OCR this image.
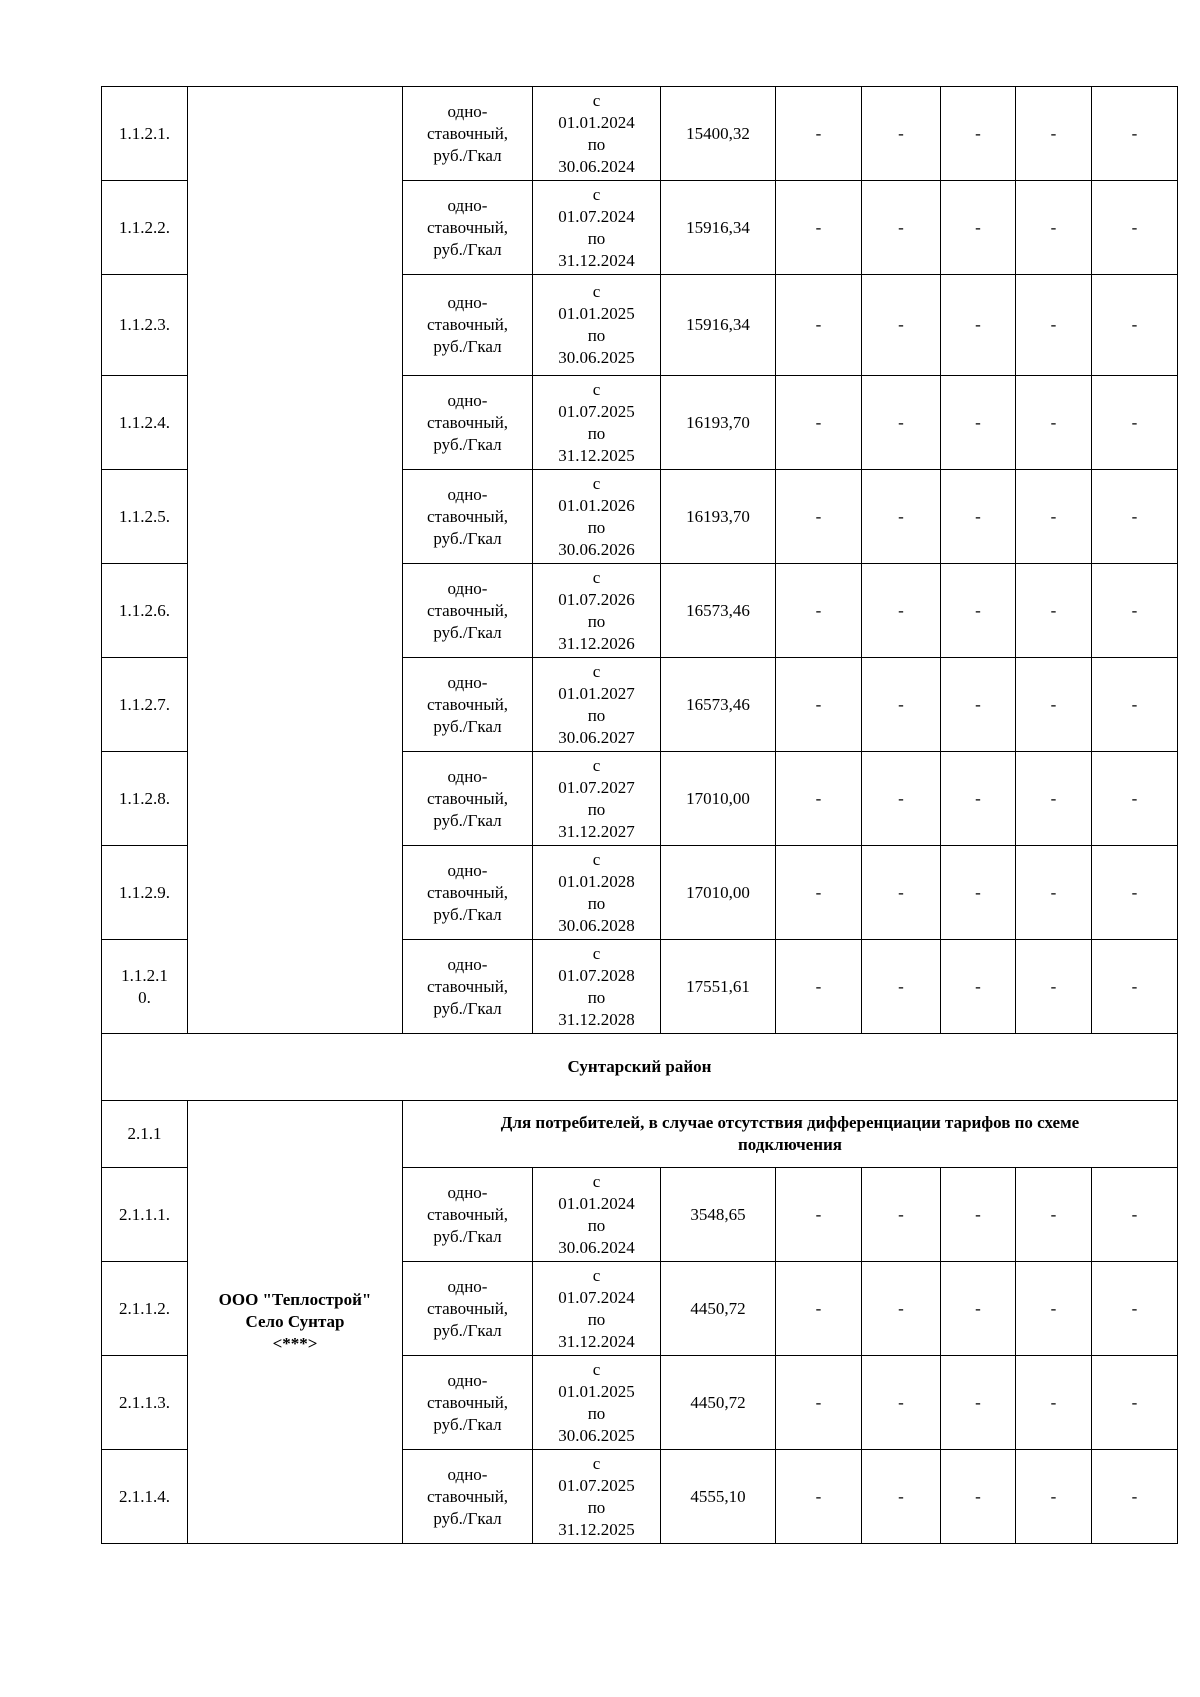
1.1.2.1.		одно-
ставочный,
руб./Гкал	с
01.01.2024
по
30.06.2024	15400,32	-	-	-	-	-
1.1.2.2.		одно-
ставочный,
руб./Гкал	с
01.07.2024
по
31.12.2024	15916,34	-	-	-	-	-
1.1.2.3.		одно-
ставочный,
руб./Гкал	с
01.01.2025
по
30.06.2025	15916,34	-	-	-	-	-
1.1.2.4.		одно-
ставочный,
руб./Гкал	с
01.07.2025
по
31.12.2025	16193,70	-	-	-	-	-
1.1.2.5.		одно-
ставочный,
руб./Гкал	с
01.01.2026
по
30.06.2026	16193,70	-	-	-	-	-
1.1.2.6.		одно-
ставочный,
руб./Гкал	с
01.07.2026
по
31.12.2026	16573,46	-	-	-	-	-
1.1.2.7.		одно-
ставочный,
руб./Гкал	с
01.01.2027
по
30.06.2027	16573,46	-	-	-	-	-
1.1.2.8.		одно-
ставочный,
руб./Гкал	с
01.07.2027
по
31.12.2027	17010,00	-	-	-	-	-
1.1.2.9.		одно-
ставочный,
руб./Гкал	с
01.01.2028
по
30.06.2028	17010,00	-	-	-	-	-
1.1.2.1
0.		одно-
ставочный,
руб./Гкал	с
01.07.2028
по
31.12.2028	17551,61	-	-	-	-	-
Сунтарский район									
2.1.1	ООО "Теплострой"
Село Сунтар
<***>	Для потребителей, в случае отсутствия дифференциации тарифов по схеме
подключения							

2.1.1.1.		одно-
ставочный,
руб./Гкал	с
01.01.2024
по
30.06.2024	3548,65	-	-	-	-	-
2.1.1.2.		одно-
ставочный,
руб./Гкал	с
01.07.2024
по
31.12.2024	4450,72	-	-	-	-	-
2.1.1.3.		одно-
ставочный,
руб./Гкал	с
01.01.2025
по
30.06.2025	4450,72	-	-	-	-	-
2.1.1.4.		одно-
ставочный,
руб./Гкал	с
01.07.2025
по
31.12.2025	4555,10	-	-	-	-	-
